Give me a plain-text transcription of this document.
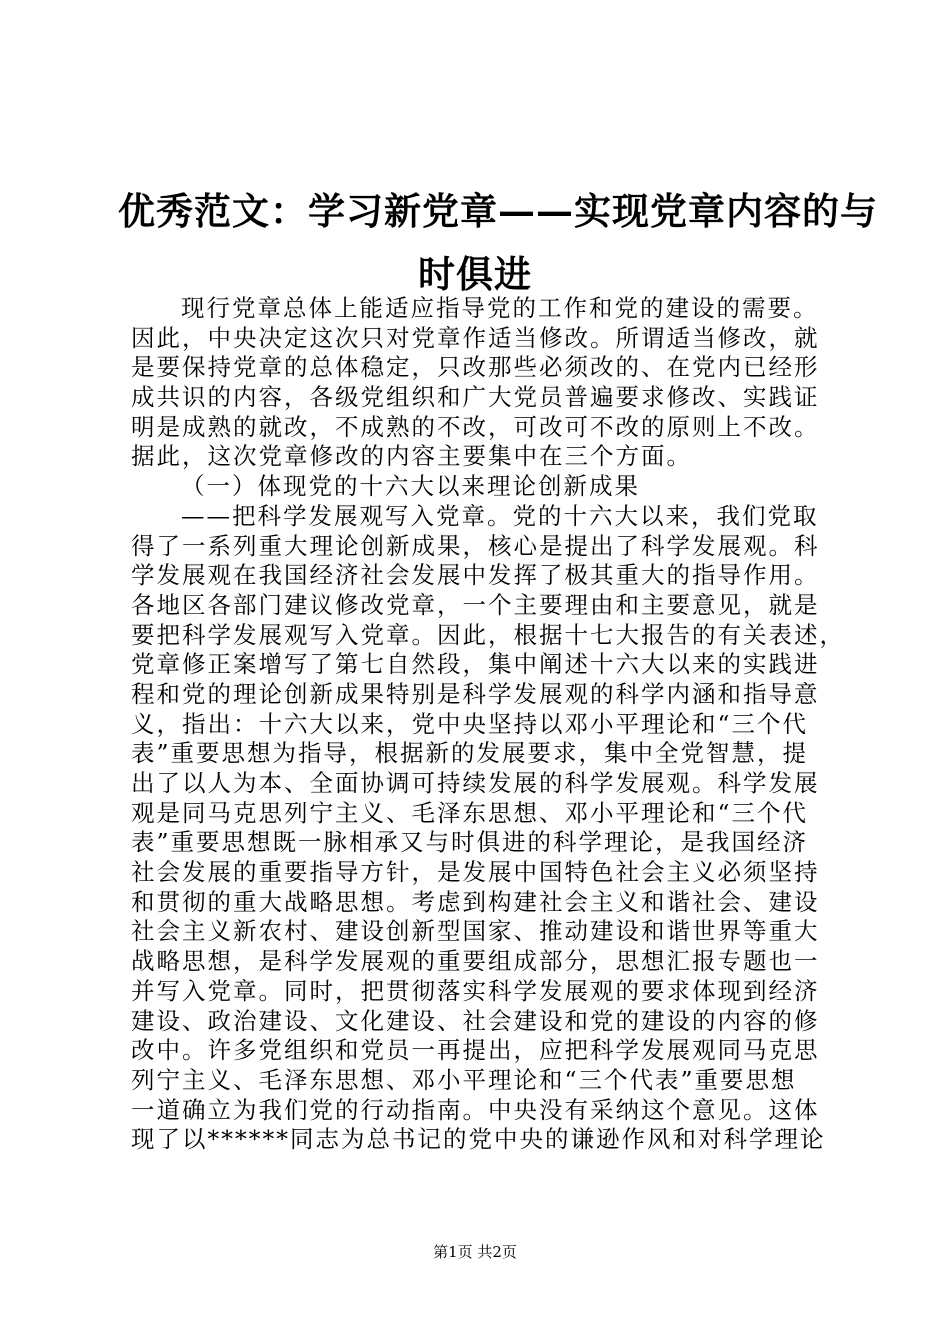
优秀范文：学习新党章——实现党章内容的与
时俱进
现行党章总体上能适应指导党的工作和党的建设的需要。
因此，中央决定这次只对党章作适当修改。所谓适当修改，就
是要保持党章的总体稳定，只改那些必须改的、在党内已经形
成共识的内容，各级党组织和广大党员普遍要求修改、实践证
明是成熟的就改，不成熟的不改，可改可不改的原则上不改。
据此，这次党章修改的内容主要集中在三个方面。
（一）体现党的十六大以来理论创新成果
——把科学发展观写入党章。党的十六大以来，我们党取
得了一系列重大理论创新成果，核心是提出了科学发展观。科
学发展观在我国经济社会发展中发挥了极其重大的指导作用。
各地区各部门建议修改党章，一个主要理由和主要意见，就是
要把科学发展观写入党章。因此，根据十七大报告的有关表述，
党章修正案增写了第七自然段，集中阐述十六大以来的实践进
程和党的理论创新成果特别是科学发展观的科学内涵和指导意
义，指出：十六大以来，党中央坚持以邓小平理论和“三个代
表”重要思想为指导，根据新的发展要求，集中全党智慧，提
出了以人为本、全面协调可持续发展的科学发展观。科学发展
观是同马克思列宁主义、毛泽东思想、邓小平理论和“三个代
表”重要思想既一脉相承又与时俱进的科学理论，是我国经济
社会发展的重要指导方针，是发展中国特色社会主义必须坚持
和贯彻的重大战略思想。考虑到构建社会主义和谐社会、建设
社会主义新农村、建设创新型国家、推动建设和谐世界等重大
战略思想，是科学发展观的重要组成部分，思想汇报专题也一
并写入党章。同时，把贯彻落实科学发展观的要求体现到经济
建设、政治建设、文化建设、社会建设和党的建设的内容的修
改中。许多党组织和党员一再提出，应把科学发展观同马克思
列宁主义、毛泽东思想、邓小平理论和“三个代表”重要思想
一道确立为我们党的行动指南。中央没有采纳这个意见。这体
现了以******同志为总书记的党中央的谦逊作风和对科学理论
第1页 共2页
